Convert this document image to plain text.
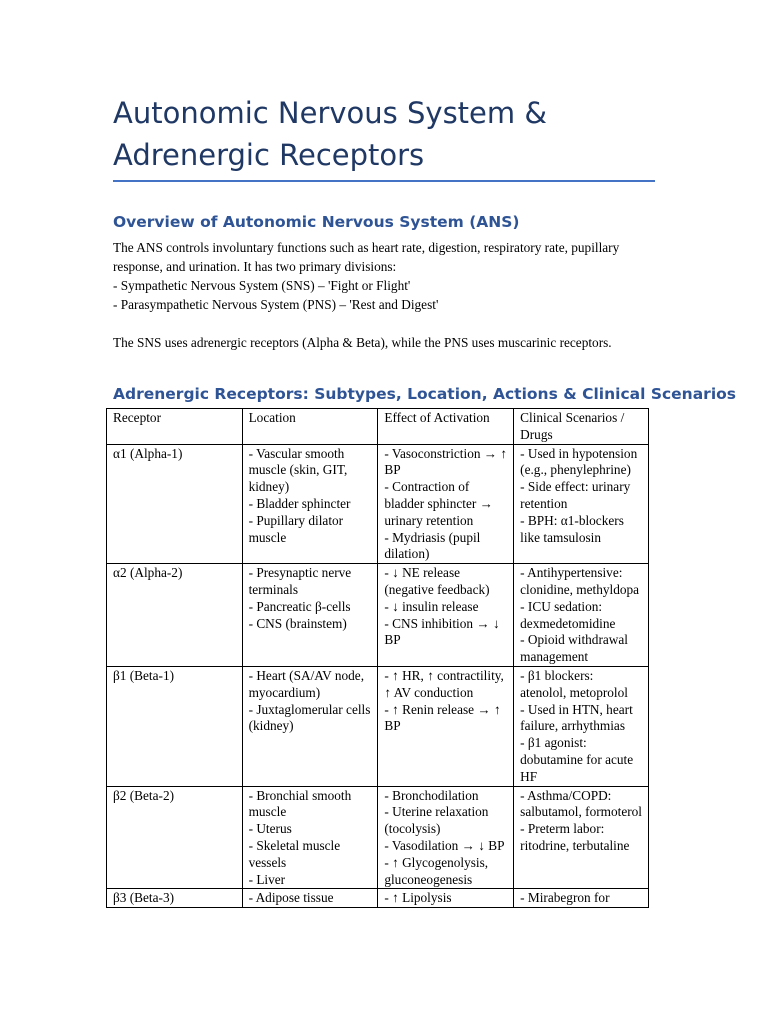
Autonomic Nervous System & Adrenergic Receptors
Overview of Autonomic Nervous System (ANS)

The ANS controls involuntary functions such as heart rate, digestion, respiratory rate, pupillary response, and urination. It has two primary divisions:
- Sympathetic Nervous System (SNS) – 'Fight or Flight'
- Parasympathetic Nervous System (PNS) – 'Rest and Digest'

The SNS uses adrenergic receptors (Alpha & Beta), while the PNS uses muscarinic receptors.

Adrenergic Receptors: Subtypes, Location, Actions & Clinical Scenarios
Receptor	Location	Effect of Activation	Clinical Scenarios / Drugs
α1 (Alpha-1)	- Vascular smooth muscle (skin, GIT, kidney)
- Bladder sphincter
- Pupillary dilator muscle	- Vasoconstriction → ↑ BP
- Contraction of bladder sphincter → urinary retention
- Mydriasis (pupil dilation)	- Used in hypotension (e.g., phenylephrine)
- Side effect: urinary retention
- BPH: α1-blockers like tamsulosin

α2 (Alpha-2)	- Presynaptic nerve terminals
- Pancreatic β-cells
- CNS (brainstem)	- ↓ NE release (negative feedback)
- ↓ insulin release
- CNS inhibition → ↓ BP	- Antihypertensive: clonidine, methyldopa
- ICU sedation: dexmedetomidine
- Opioid withdrawal management

β1 (Beta-1)	- Heart (SA/AV node, myocardium)
- Juxtaglomerular cells (kidney)	- ↑ HR, ↑ contractility, ↑ AV conduction
- ↑ Renin release → ↑ BP	- β1 blockers: atenolol, metoprolol
- Used in HTN, heart failure, arrhythmias
- β1 agonist: dobutamine for acute HF

β2 (Beta-2)	- Bronchial smooth muscle
- Uterus
- Skeletal muscle vessels
- Liver	- Bronchodilation
- Uterine relaxation (tocolysis)
- Vasodilation → ↓ BP
- ↑ Glycogenolysis, gluconeogenesis	- Asthma/COPD: salbutamol, formoterol
- Preterm labor: ritodrine, terbutaline

β3 (Beta-3)	- Adipose tissue	- ↑ Lipolysis	- Mirabegron for
